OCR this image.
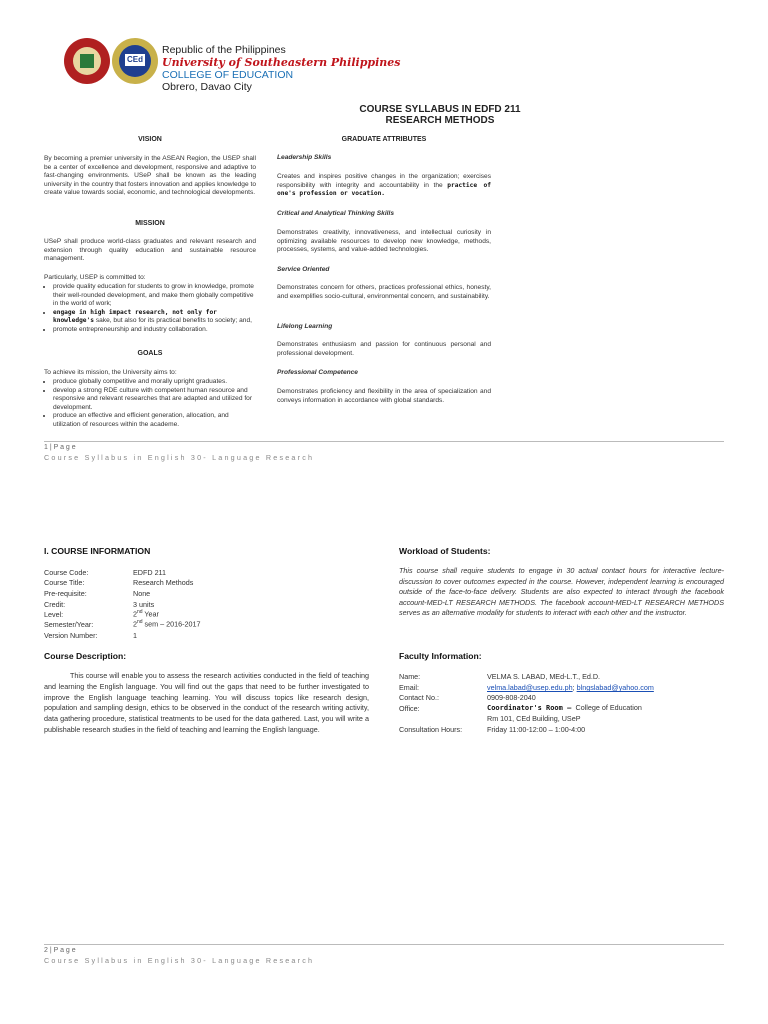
CEd
Republic of the Philippines
University of Southeastern Philippines
COLLEGE OF EDUCATION
Obrero, Davao City
COURSE SYLLABUS IN EDFD 211
RESEARCH METHODS
VISION
By becoming a premier university in the ASEAN Region, the USEP shall be a center of excellence and development, responsive and adaptive to fast-changing environments. USeP shall be known as the leading university in the country that fosters innovation and applies knowledge to create value towards social, economic, and technological developments.
MISSION
USeP shall produce world-class graduates and relevant research and extension through quality education and sustainable resource management.
Particularly, USEP is committed to:
• provide quality education for students to grow in knowledge, promote their well-rounded development, and make them globally competitive in the world of work;
• engage in high impact research, not only for knowledge's sake, but also for its practical benefits to society; and,
• promote entrepreneurship and industry collaboration.
GOALS
To achieve its mission, the University aims to:
• produce globally competitive and morally upright graduates.
• develop a strong RDE culture with competent human resource and responsive and relevant researches that are adapted and utilized for development.
• produce an effective and efficient generation, allocation, and utilization of resources within the academe.
GRADUATE ATTRIBUTES
Leadership Skills
Creates and inspires positive changes in the organization; exercises responsibility with integrity and accountability in the practice of one's profession or vocation.
Critical and Analytical Thinking Skills
Demonstrates creativity, innovativeness, and intellectual curiosity in optimizing available resources to develop new knowledge, methods, processes, systems, and value-added technologies.
Service Oriented
Demonstrates concern for others, practices professional ethics, honesty, and exemplifies socio-cultural, environmental concern, and sustainability.
Lifelong Learning
Demonstrates enthusiasm and passion for continuous personal and professional development.
Professional Competence
Demonstrates proficiency and flexibility in the area of specialization and conveys information in accordance with global standards.
1 | P a g e
Course Syllabus in English 30- Language Research
I. COURSE INFORMATION
Course Code:	EDFD 211
Course Title:	Research Methods
Pre-requisite:	None
Credit:	3 units
Level:	2nd Year
Semester/Year:	2nd sem – 2016-2017
Version Number:	1
Course Description:
This course will enable you to assess the research activities conducted in the field of teaching and learning the English language. You will find out the gaps that need to be further investigated to improve the English language teaching learning. You will discuss topics like research design, population and sampling design, ethics to be observed in the conduct of the research writing activity, data gathering procedure, statistical treatments to be used for the data gathered. Last, you will write a publishable research studies in the field of teaching and learning the English language.
Workload of Students:
This course shall require students to engage in 30 actual contact hours for interactive lecture-discussion to cover outcomes expected in the course. However, independent learning is encouraged outside of the face-to-face delivery. Students are also expected to interact through the facebook account-MED-LT RESEARCH METHODS. The facebook account-MED-LT RESEARCH METHODS serves as an alternative modality for students to interact with each other and the instructor.
Faculty Information:
Name:	VELMA S. LABAD, MEd-L.T., Ed.D.
Email:	velma.labad@usep.edu.ph; blngslabad@yahoo.com
Contact No.:	0909-808-2040
Office:	Coordinator's Room – College of Education
Rm 101, CEd Building, USeP
Consultation Hours:	Friday 11:00-12:00 – 1:00-4:00
2 | P a g e
Course Syllabus in English 30- Language Research
